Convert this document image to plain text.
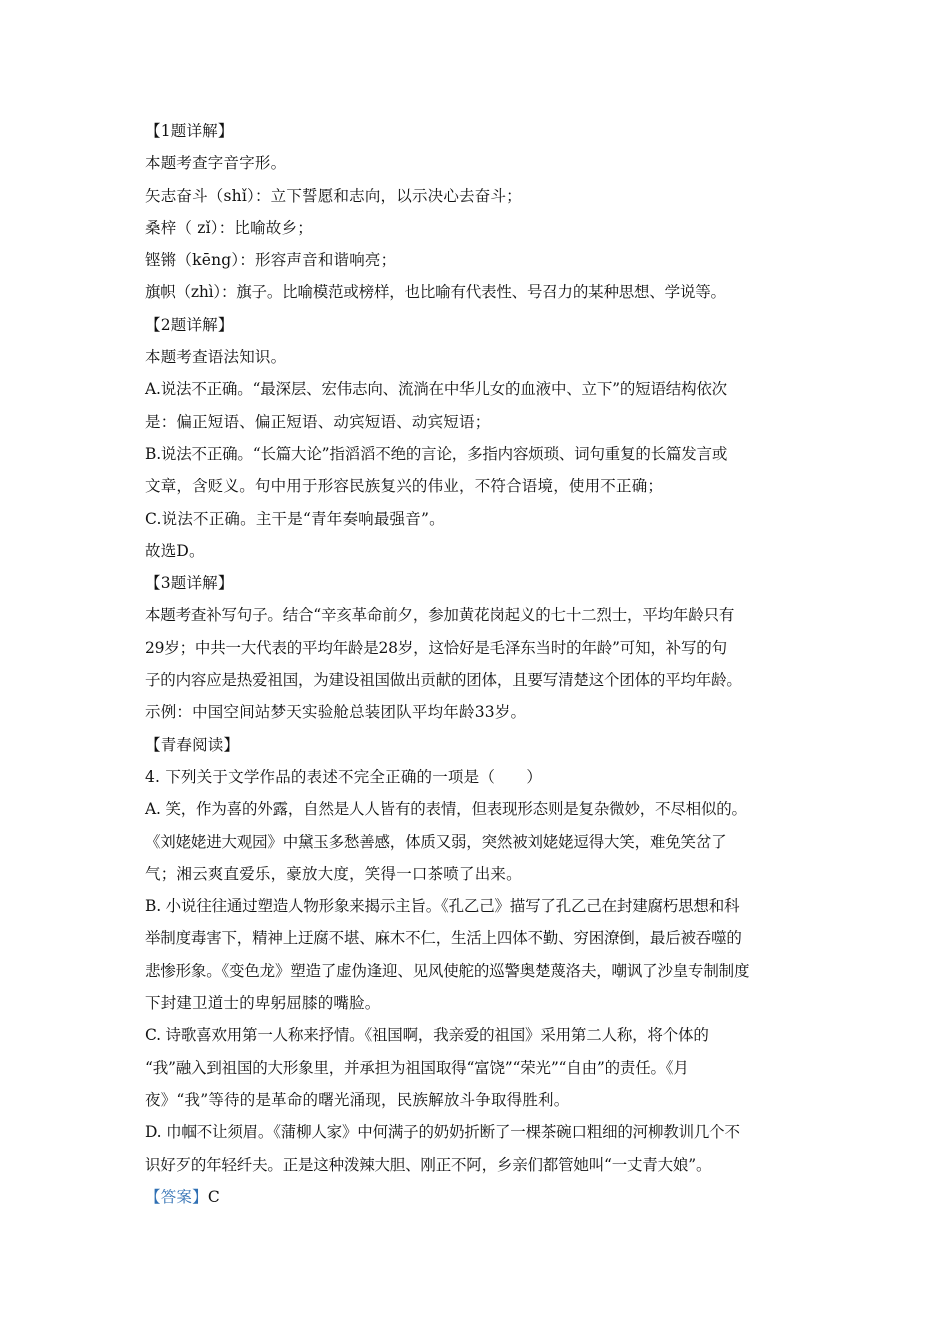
【1题详解】
本题考查字音字形。
矢志奋斗（shǐ）：立下誓愿和志向，以示决心去奋斗；
桑梓（ zǐ）：比喻故乡；
铿锵（kēng）：形容声音和谐响亮；
旗帜（zhì）：旗子。比喻模范或榜样，也比喻有代表性、号召力的某种思想、学说等。
【2题详解】
本题考查语法知识。
A.说法不正确。“最深层、宏伟志向、流淌在中华儿女的血液中、立下”的短语结构依次
是：偏正短语、偏正短语、动宾短语、动宾短语；
B.说法不正确。“长篇大论”指滔滔不绝的言论，多指内容烦琐、词句重复的长篇发言或
文章，含贬义。句中用于形容民族复兴的伟业，不符合语境，使用不正确；
C.说法不正确。主干是“青年奏响最强音”。
故选D。
【3题详解】
本题考查补写句子。结合“辛亥革命前夕，参加黄花岗起义的七十二烈士，平均年龄只有
29岁；中共一大代表的平均年龄是28岁，这恰好是毛泽东当时的年龄”可知，补写的句
子的内容应是热爱祖国，为建设祖国做出贡献的团体，且要写清楚这个团体的平均年龄。
示例：中国空间站梦天实验舱总装团队平均年龄33岁。
【青春阅读】
4. 下列关于文学作品的表述不完全正确的一项是（　　）
A. 笑，作为喜的外露，自然是人人皆有的表情，但表现形态则是复杂微妙，不尽相似的。
《刘姥姥进大观园》中黛玉多愁善感，体质又弱，突然被刘姥姥逗得大笑，难免笑岔了
气；湘云爽直爱乐，豪放大度，笑得一口茶喷了出来。
B. 小说往往通过塑造人物形象来揭示主旨。《孔乙己》描写了孔乙己在封建腐朽思想和科
举制度毒害下，精神上迂腐不堪、麻木不仁，生活上四体不勤、穷困潦倒，最后被吞噬的
悲惨形象。《变色龙》塑造了虚伪逢迎、见风使舵的巡警奥楚蔑洛夫，嘲讽了沙皇专制制度
下封建卫道士的卑躬屈膝的嘴脸。
C. 诗歌喜欢用第一人称来抒情。《祖国啊，我亲爱的祖国》采用第二人称，将个体的
“我”融入到祖国的大形象里，并承担为祖国取得“富饶”“荣光”“自由”的责任。《月
夜》“我”等待的是革命的曙光涌现，民族解放斗争取得胜利。
D. 巾帼不让须眉。《蒲柳人家》中何满子的奶奶折断了一棵茶碗口粗细的河柳教训几个不
识好歹的年轻纤夫。正是这种泼辣大胆、刚正不阿，乡亲们都管她叫“一丈青大娘”。
【答案】C
